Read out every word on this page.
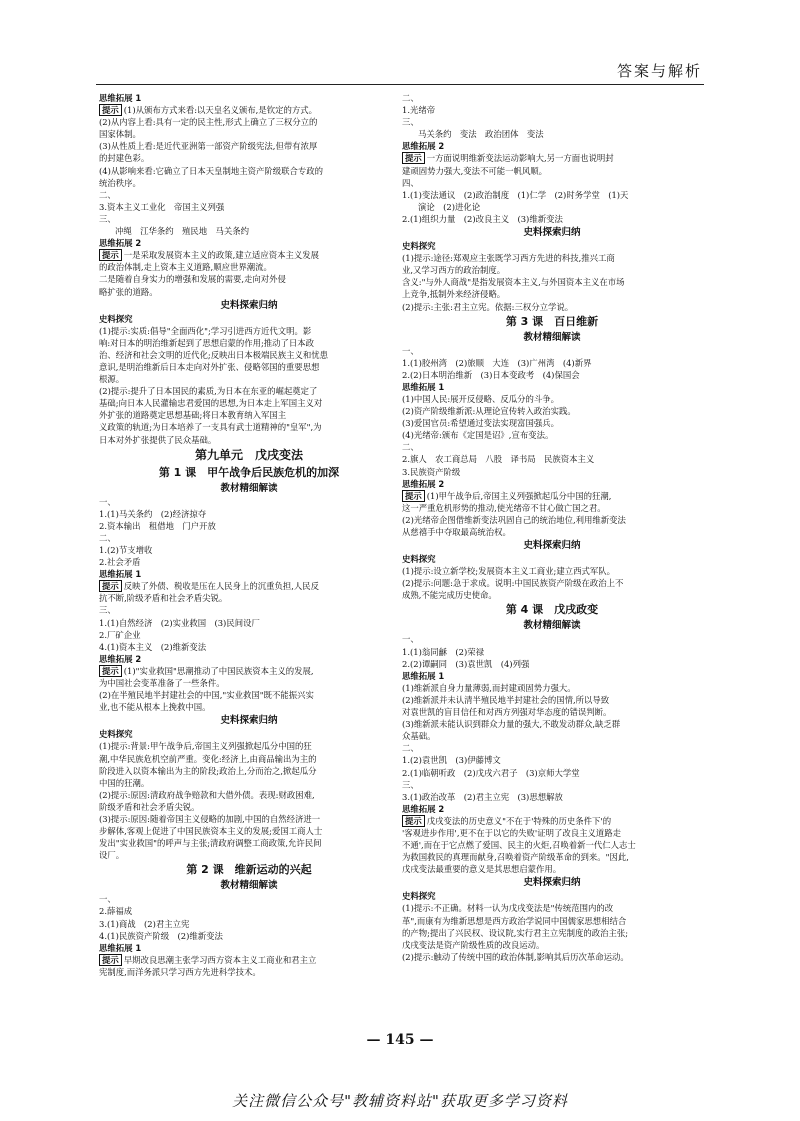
答案与解析
思维拓展 1
提示 (1)从颁布方式来看:以天皇名义颁布,是钦定的方式。
(2)从内容上看:具有一定的民主性,形式上确立了三权分立的
国家体制。
(3)从性质上看:是近代亚洲第一部资产阶级宪法,但带有浓厚
的封建色彩。
(4)从影响来看:它确立了日本天皇制地主资产阶级联合专政的
统治秩序。
二、
3.资本主义工业化　帝国主义列强
三、
冲绳　江华条约　殖民地　马关条约
思维拓展 2
提示 一是采取发展资本主义的政策,建立适应资本主义发展
的政治体制,走上资本主义道路,顺应世界潮流。
二是随着自身实力的增强和发展的需要,走向对外侵
略扩张的道路。
史料探索归纳
史料探究
(1)提示:实质:倡导"全面西化";学习引进西方近代文明。影
响:对日本的明治维新起到了思想启蒙的作用;推动了日本政
治、经济和社会文明的近代化;反映出日本极端民族主义和忧患
意识,是明治维新后日本走向对外扩张、侵略邻国的重要思想
根源。
(2)提示:提升了日本国民的素质,为日本在东亚的崛起奠定了
基础;向日本人民灌输忠君爱国的思想,为日本走上军国主义对
外扩张的道路奠定思想基础;将日本教育纳入军国主
义政策的轨道;为日本培养了一支具有武士道精神的"皇军",为
日本对外扩张提供了民众基础。
第九单元　戊戌变法
第 1 课　甲午战争后民族危机的加深
教材精细解读
一、
1.(1)马关条约　(2)经济掠夺
2.资本输出　租借地　门户开放
二、
1.(2)节支增收
2.社会矛盾
思维拓展 1
提示 反映了外债、税收是压在人民身上的沉重负担,人民反
抗不断,阶级矛盾和社会矛盾尖锐。
三、
1.(1)自然经济　(2)实业救国　(3)民间设厂
2.厂矿企业
4.(1)资本主义　(2)维新变法
思维拓展 2
提示 (1)"实业救国"思潮推动了中国民族资本主义的发展,
为中国社会变革准备了一些条件。
(2)在半殖民地半封建社会的中国,"实业救国"既不能振兴实
业,也不能从根本上挽救中国。
史料探索归纳
史料探究
(1)提示:背景:甲午战争后,帝国主义列强掀起瓜分中国的狂
潮,中华民族危机空前严重。变化:经济上,由商品输出为主的
阶段进入以资本输出为主的阶段;政治上,分而治之,掀起瓜分
中国的狂潮。
(2)提示:原因:清政府战争赔款和大借外债。表现:财政困难,
阶级矛盾和社会矛盾尖锐。
(3)提示:原因:随着帝国主义侵略的加剧,中国的自然经济进一
步解体,客观上促进了中国民族资本主义的发展;爱国工商人士
发出"实业救国"的呼声与主张;清政府调整工商政策,允许民间
设厂。
第 2 课　维新运动的兴起
教材精细解读
一、
2.薛福成
3.(1)商战　(2)君主立宪
4.(1)民族资产阶级　(2)维新变法
思维拓展 1
提示 早期改良思潮主张学习西方资本主义工商业和君主立
宪制度,而洋务派只学习西方先进科学技术。
二、
1.光绪帝
三、
马关条约　变法　政治团体　变法
思维拓展 2
提示 一方面说明维新变法运动影响大,另一方面也说明封
建顽固势力强大,变法不可能一帆风顺。
四、
1.(1)变法通议　(2)政治制度　(1)仁学　(2)时务学堂　(1)天
演论　(2)进化论
2.(1)组织力量　(2)改良主义　(3)维新变法
史料探索归纳
史料探究
(1)提示:途径:郑观应主张既学习西方先进的科技,推兴工商
业,又学习西方的政治制度。
含义:"与外人商战"是指发展资本主义,与外国资本主义在市场
上竞争,抵制外来经济侵略。
(2)提示:主张:君主立宪。依据:三权分立学说。
第 3 课　百日维新
教材精细解读
一、
1.(1)胶州湾　(2)旅顺　大连　(3)广州湾　(4)新界
2.(2)日本明治维新　(3)日本变政考　(4)保国会
思维拓展 1
(1)中国人民:展开反侵略、反瓜分的斗争。
(2)资产阶级维新派:从理论宣传转入政治实践。
(3)爱国官员:希望通过变法实现富国强兵。
(4)光绪帝:颁布《定国是诏》,宣布变法。
二、
2.旗人　农工商总局　八股　译书局　民族资本主义
3.民族资产阶级
思维拓展 2
提示 (1)甲午战争后,帝国主义列强掀起瓜分中国的狂潮,
这一严重危机形势的推动,使光绪帝不甘心做亡国之君。
(2)光绪帝企图借维新变法巩固自己的统治地位,利用维新变法
从慈禧手中夺取最高统治权。
史料探索归纳
史料探究
(1)提示:设立新学校;发展资本主义工商业;建立西式军队。
(2)提示:问题:急于求成。说明:中国民族资产阶级在政治上不
成熟,不能完成历史使命。
第 4 课　戊戌政变
教材精细解读
一、
1.(1)翁同龢　(2)荣禄
2.(2)谭嗣同　(3)袁世凯　(4)列强
思维拓展 1
(1)维新派自身力量薄弱,而封建顽固势力强大。
(2)维新派并未认清半殖民地半封建社会的国情,所以导致
对袁世凯的盲目信任和对西方列强对华态度的错误判断。
(3)维新派未能认识到群众力量的强大,不敢发动群众,缺乏群
众基础。
二、
1.(2)袁世凯　(3)伊藤博文
2.(1)临朝听政　(2)戊戌六君子　(3)京师大学堂
三、
3.(1)政治改革　(2)君主立宪　(3)思想解放
思维拓展 2
提示 戊戌变法的历史意义"不在于'特殊的历史条件下'的
'客观进步作用',更不在于以它的失败'证明了改良主义道路走
不通',而在于它点燃了爱国、民主的火炬,召唤着新一代仁人志士
为救国救民的真理而献身,召唤着资产阶级革命的到来。"因此,
戊戌变法最重要的意义是其思想启蒙作用。
史料探索归纳
史料探究
(1)提示:不正确。材料一认为戊戌变法是"传统范围内的改
革",而康有为维新思想是西方政治学说同中国儒家思想相结合
的产物;提出了兴民权、设议院,实行君主立宪制度的政治主张;
戊戌变法是资产阶级性质的改良运动。
(2)提示:触动了传统中国的政治体制,影响其后历次革命运动。
— 145 —
关注微信公众号"教辅资料站"获取更多学习资料
